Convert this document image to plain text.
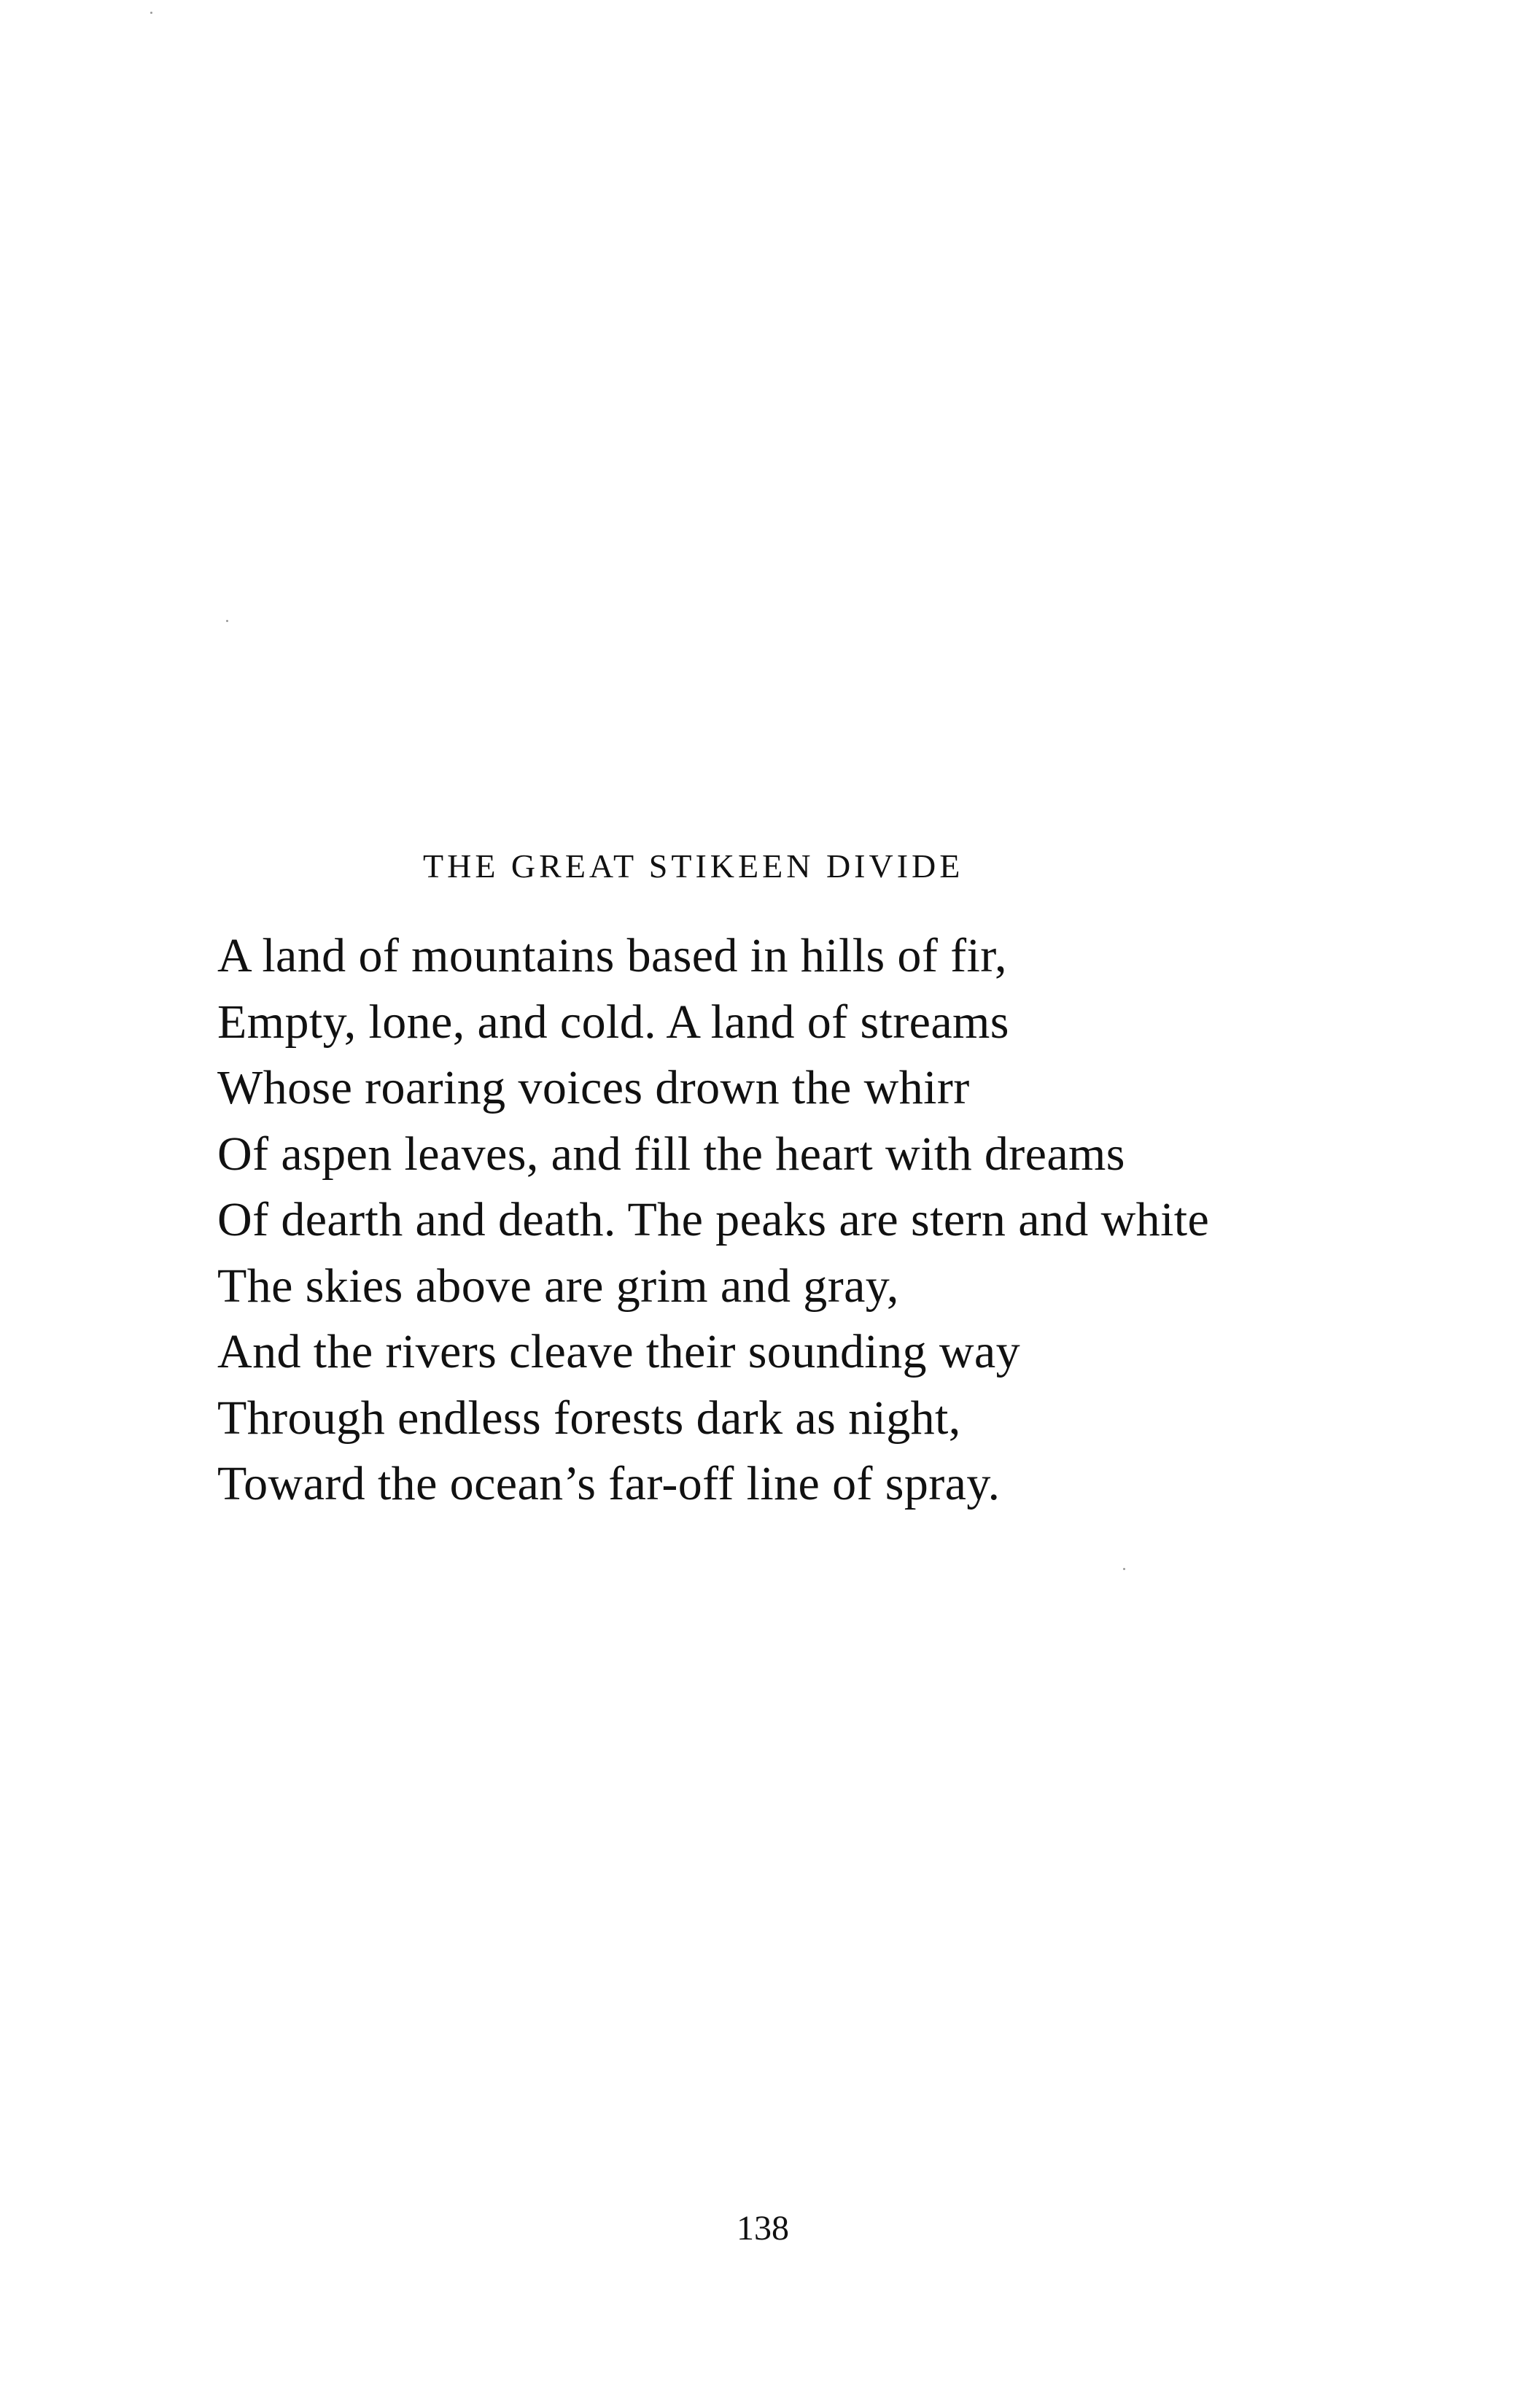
THE GREAT STIKEEN DIVIDE
A land of mountains based in hills of fir,
Empty, lone, and cold. A land of streams
Whose roaring voices drown the whirr
Of aspen leaves, and fill the heart with dreams
Of dearth and death. The peaks are stern and white
The skies above are grim and gray,
And the rivers cleave their sounding way
Through endless forests dark as night,
Toward the ocean’s far-off line of spray.
138
